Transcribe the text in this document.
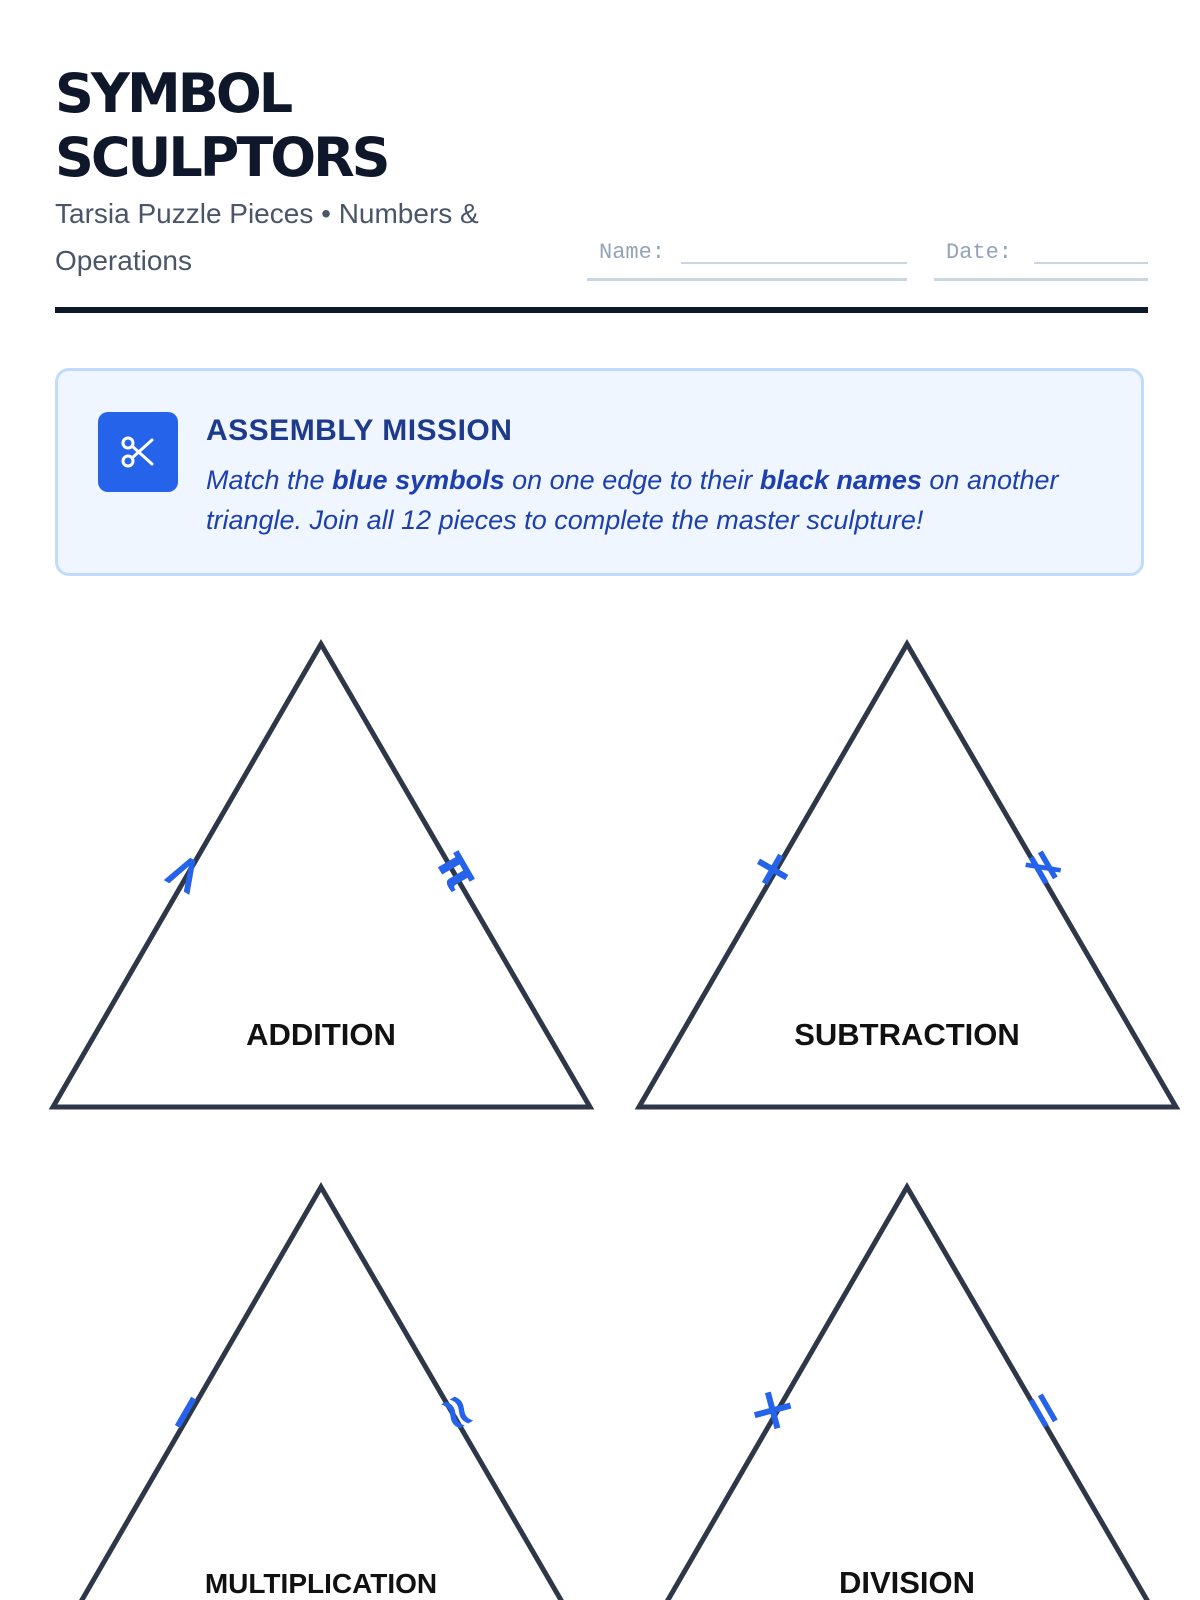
SYMBOL
SCULPTORS
Tarsia Puzzle Pieces • Numbers & Operations	Name:	Date:
ASSEMBLY MISSION
Match the blue symbols on one edge to their black names on another triangle. Join all 12 pieces to complete the master sculpture!
ADDITION
>	π
SUBTRACTION
+	≠
MULTIPLICATION
−	≈
DIVISION
×	=
